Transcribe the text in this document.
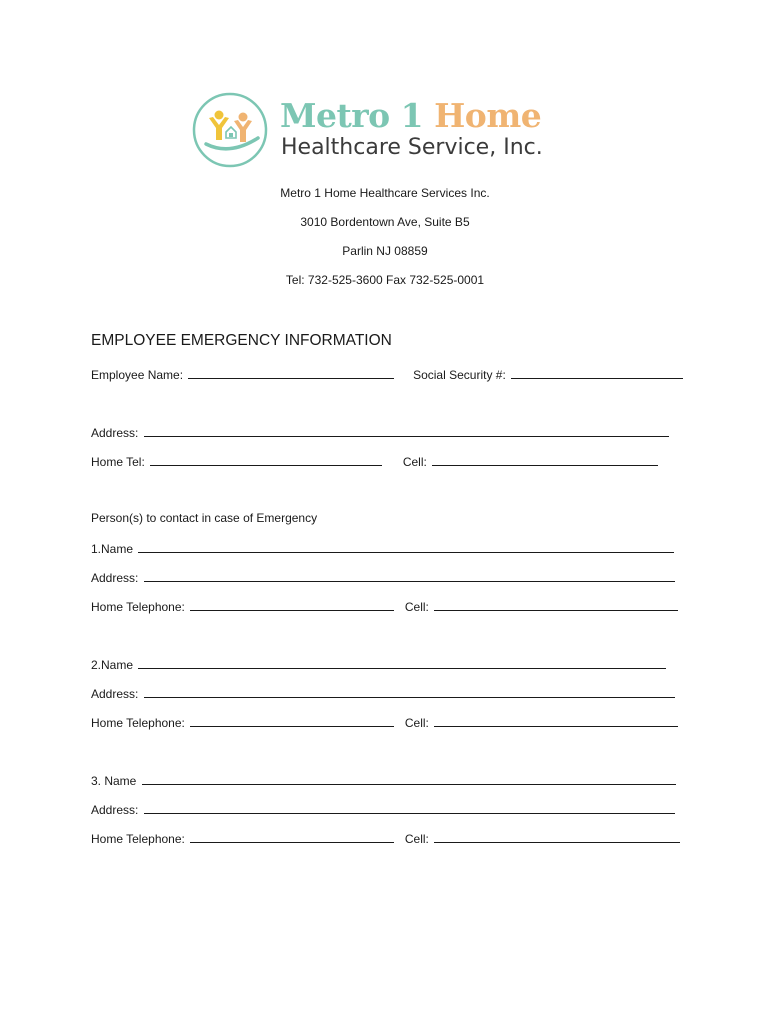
Metro 1 Home
Healthcare Service, Inc.
Metro 1 Home Healthcare Services Inc.
3010 Bordentown Ave, Suite B5
Parlin NJ 08859
Tel: 732-525-3600 Fax 732-525-0001
EMPLOYEE EMERGENCY INFORMATION
Employee Name:	Social Security #:
Address:
Home Tel:	Cell:
Person(s) to contact in case of Emergency
1.Name
Address:
Home Telephone:	Cell:
2.Name
Address:
Home Telephone:	Cell:
3. Name
Address:
Home Telephone:	Cell:
